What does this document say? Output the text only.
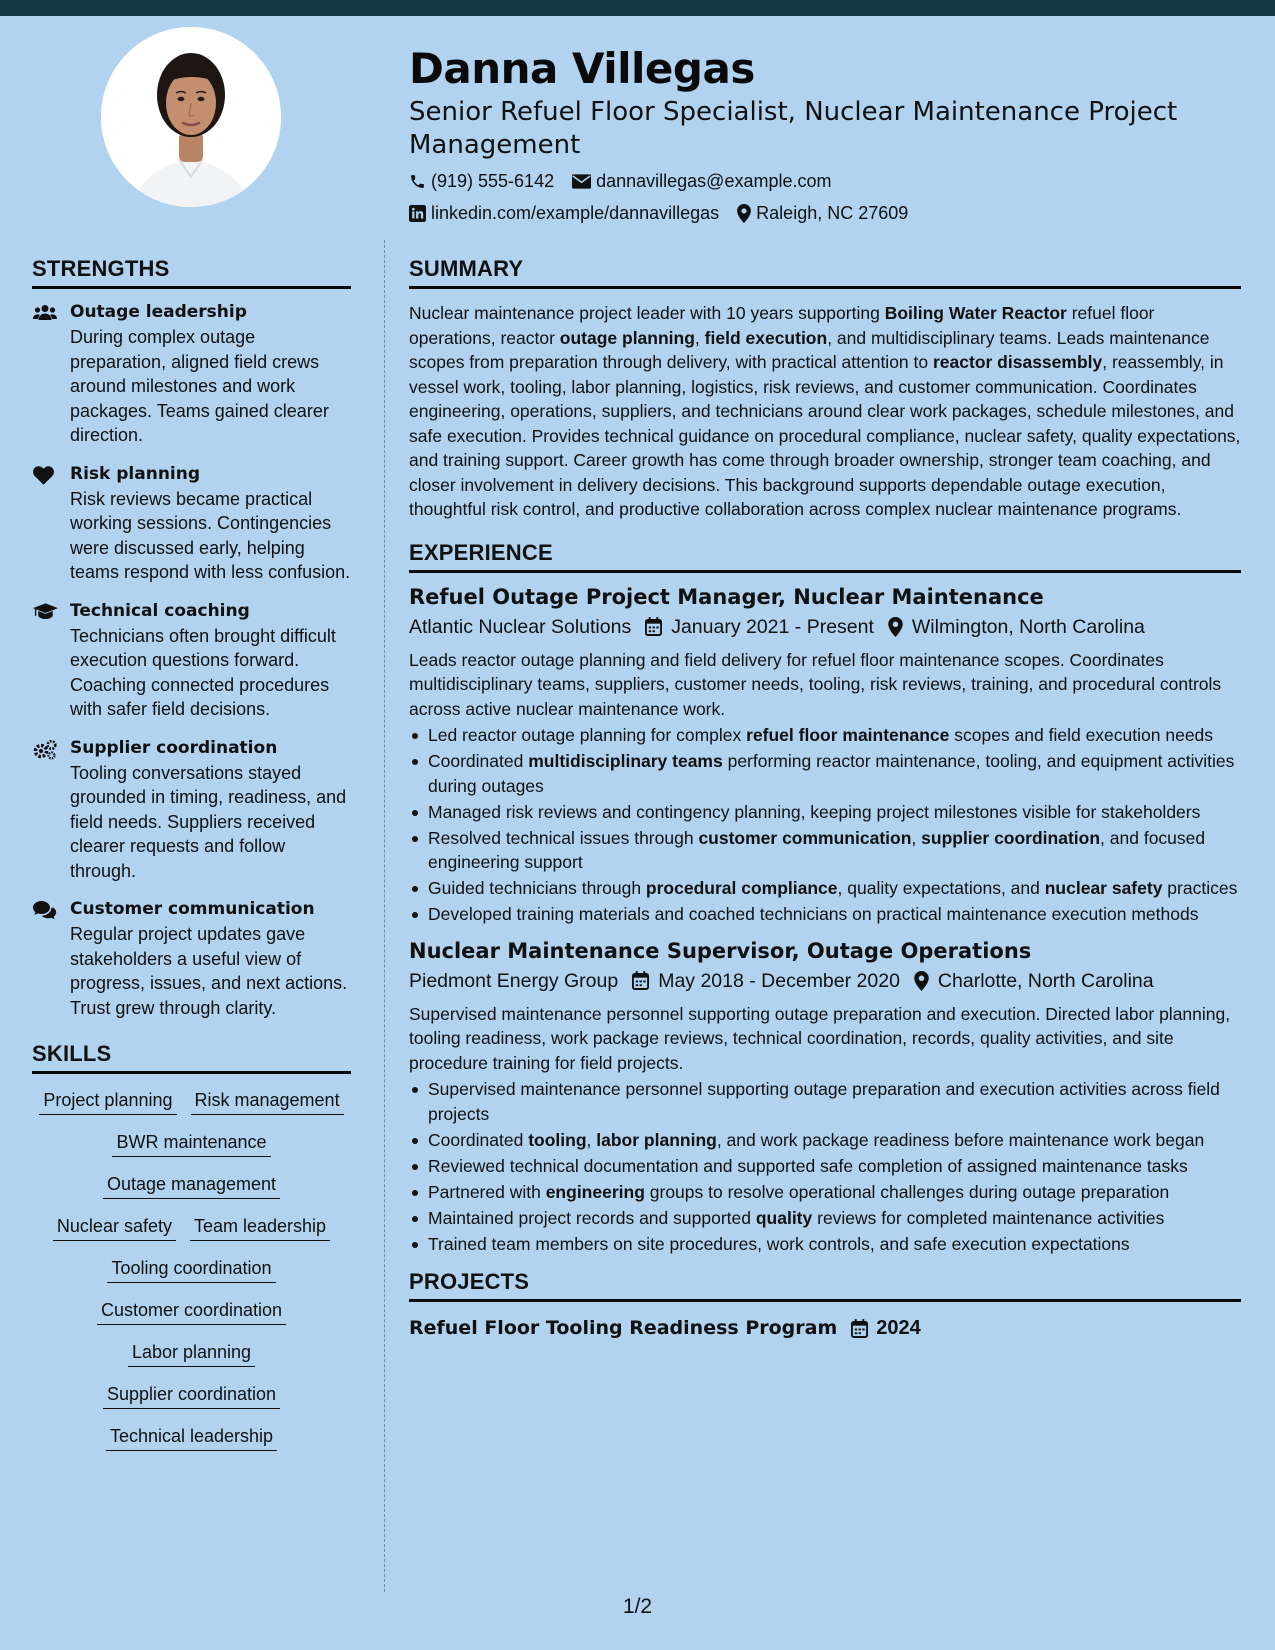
Danna Villegas
Senior Refuel Floor Specialist, Nuclear Maintenance Project Management
(919) 555-6142 dannavillegas@example.com
linkedin.com/example/dannavillegas Raleigh, NC 27609
STRENGTHS
Outage leadership
During complex outage preparation, aligned field crews around milestones and work packages. Teams gained clearer direction.
Risk planning
Risk reviews became practical working sessions. Contingencies were discussed early, helping teams respond with less confusion.
Technical coaching
Technicians often brought difficult execution questions forward. Coaching connected procedures with safer field decisions.
Supplier coordination
Tooling conversations stayed grounded in timing, readiness, and field needs. Suppliers received clearer requests and follow through.
Customer communication
Regular project updates gave stakeholders a useful view of progress, issues, and next actions. Trust grew through clarity.
SKILLS
Project planning Risk management
BWR maintenance
Outage management
Nuclear safety Team leadership
Tooling coordination
Customer coordination
Labor planning
Supplier coordination
Technical leadership
SUMMARY
Nuclear maintenance project leader with 10 years supporting Boiling Water Reactor refuel floor operations, reactor outage planning, field execution, and multidisciplinary teams. Leads maintenance scopes from preparation through delivery, with practical attention to reactor disassembly, reassembly, in vessel work, tooling, labor planning, logistics, risk reviews, and customer communication. Coordinates engineering, operations, suppliers, and technicians around clear work packages, schedule milestones, and safe execution. Provides technical guidance on procedural compliance, nuclear safety, quality expectations, and training support. Career growth has come through broader ownership, stronger team coaching, and closer involvement in delivery decisions. This background supports dependable outage execution, thoughtful risk control, and productive collaboration across complex nuclear maintenance programs.
EXPERIENCE
Refuel Outage Project Manager, Nuclear Maintenance
Atlantic Nuclear Solutions January 2021 - Present Wilmington, North Carolina
Leads reactor outage planning and field delivery for refuel floor maintenance scopes. Coordinates multidisciplinary teams, suppliers, customer needs, tooling, risk reviews, training, and procedural controls across active nuclear maintenance work.
Led reactor outage planning for complex refuel floor maintenance scopes and field execution needs
Coordinated multidisciplinary teams performing reactor maintenance, tooling, and equipment activities during outages
Managed risk reviews and contingency planning, keeping project milestones visible for stakeholders
Resolved technical issues through customer communication, supplier coordination, and focused engineering support
Guided technicians through procedural compliance, quality expectations, and nuclear safety practices
Developed training materials and coached technicians on practical maintenance execution methods
Nuclear Maintenance Supervisor, Outage Operations
Piedmont Energy Group May 2018 - December 2020 Charlotte, North Carolina
Supervised maintenance personnel supporting outage preparation and execution. Directed labor planning, tooling readiness, work package reviews, technical coordination, records, quality activities, and site procedure training for field projects.
Supervised maintenance personnel supporting outage preparation and execution activities across field projects
Coordinated tooling, labor planning, and work package readiness before maintenance work began
Reviewed technical documentation and supported safe completion of assigned maintenance tasks
Partnered with engineering groups to resolve operational challenges during outage preparation
Maintained project records and supported quality reviews for completed maintenance activities
Trained team members on site procedures, work controls, and safe execution expectations
PROJECTS
Refuel Floor Tooling Readiness Program 2024
1/2
